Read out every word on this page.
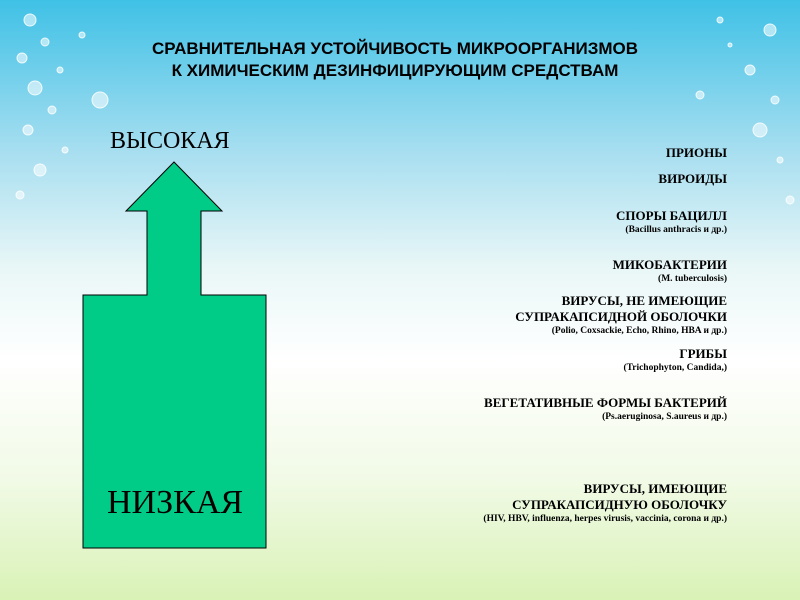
СРАВНИТЕЛЬНАЯ УСТОЙЧИВОСТЬ МИКРООРГАНИЗМОВ
К ХИМИЧЕСКИМ ДЕЗИНФИЦИРУЮЩИМ СРЕДСТВАМ
ВЫСОКАЯ
НИЗКАЯ
ПРИОНЫ
ВИРОИДЫ
СПОРЫ БАЦИЛЛ
(Bacillus anthracis и др.)
МИКОБАКТЕРИИ
(M. tuberculosis)
ВИРУСЫ, НЕ ИМЕЮЩИЕ
СУПРАКАПСИДНОЙ ОБОЛОЧКИ
(Polio, Coxsackie, Echo, Rhino, HBA и др.)
ГРИБЫ
(Trichophyton, Candida,)
ВЕГЕТАТИВНЫЕ ФОРМЫ БАКТЕРИЙ
(Ps.aeruginosa, S.aureus и др.)
ВИРУСЫ, ИМЕЮЩИЕ
СУПРАКАПСИДНУЮ ОБОЛОЧКУ
(HIV, HBV, influenza, herpes virusis, vaccinia, corona и др.)
